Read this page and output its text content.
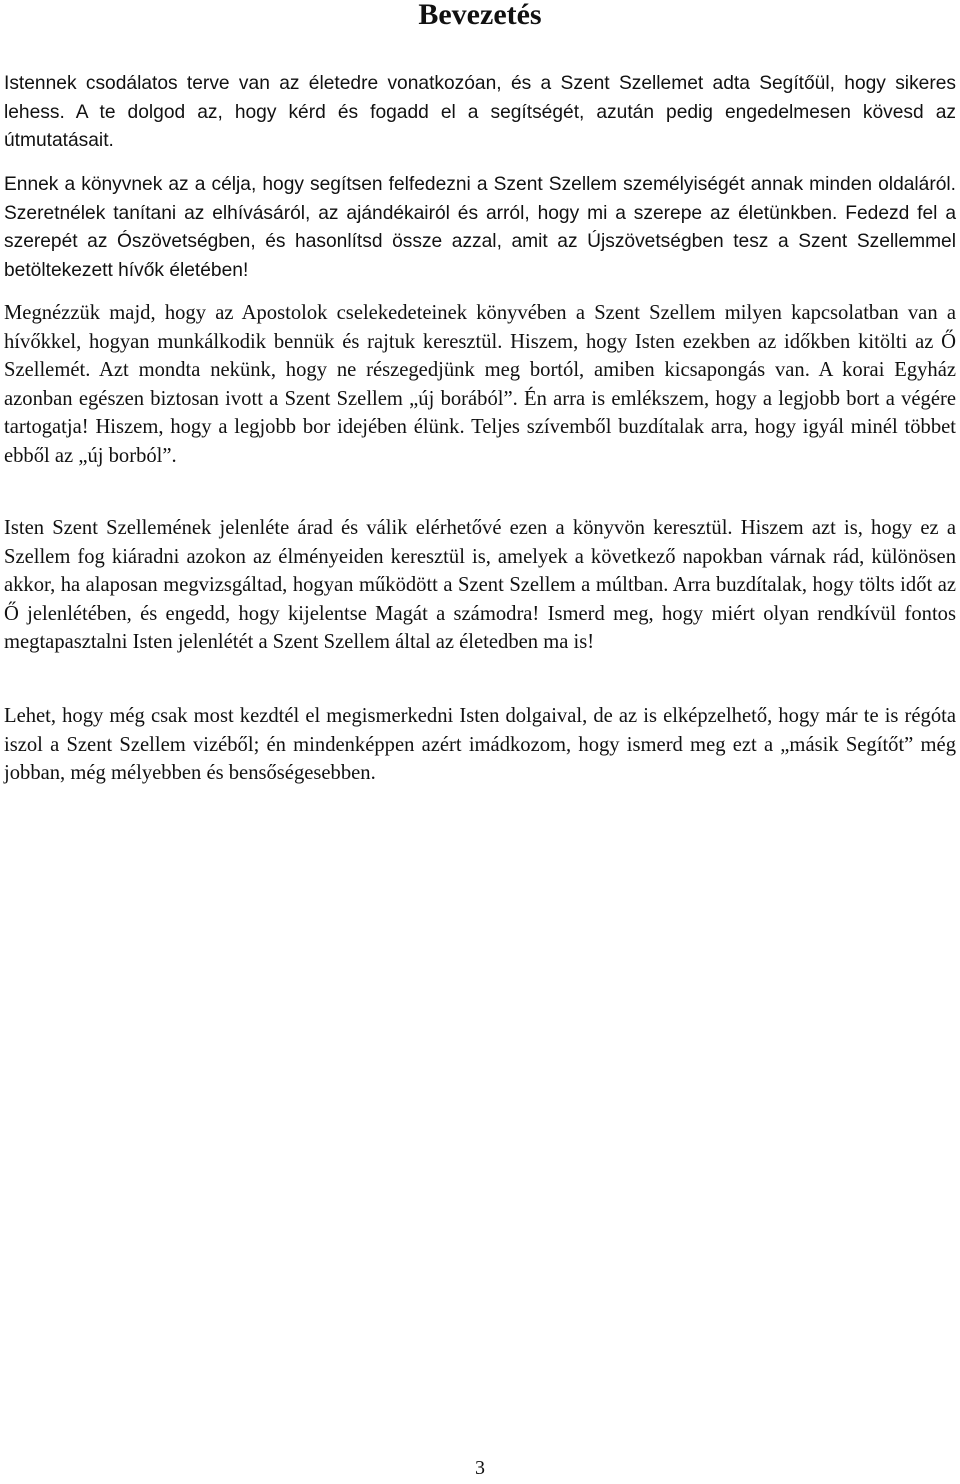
Bevezetés

Istennek csodálatos terve van az életedre vonatkozóan, és a Szent Szellemet adta Segítőül, hogy sikeres lehess. A te dolgod az, hogy kérd és fogadd el a segítségét, azután pedig engedelmesen kövesd az útmutatásait.

Ennek a könyvnek az a célja, hogy segítsen felfedezni a Szent Szellem személyiségét annak minden oldaláról. Szeretnélek tanítani az elhívásáról, az ajándékairól és arról, hogy mi a szerepe az életünkben. Fedezd fel a szerepét az Ószövetségben, és hasonlítsd össze azzal, amit az Újszövetségben tesz a Szent Szellemmel betöltekezett hívők életében!

Megnézzük majd, hogy az Apostolok cselekedeteinek könyvében a Szent Szellem milyen kapcsolatban van a hívőkkel, hogyan munkálkodik bennük és rajtuk keresztül. Hiszem, hogy Isten ezekben az időkben kitölti az Ő Szellemét. Azt mondta nekünk, hogy ne részegedjünk meg bortól, amiben kicsapongás van. A korai Egyház azonban egészen biztosan ivott a Szent Szellem „új borából”. Én arra is emlékszem, hogy a legjobb bort a végére tartogatja! Hiszem, hogy a legjobb bor idejében élünk. Teljes szívemből buzdítalak arra, hogy igyál minél többet ebből az „új borból”.

Isten Szent Szellemének jelenléte árad és válik elérhetővé ezen a könyvön keresztül. Hiszem azt is, hogy ez a Szellem fog kiáradni azokon az élményeiden keresztül is, amelyek a következő napokban várnak rád, különösen akkor, ha alaposan megvizsgáltad, hogyan működött a Szent Szellem a múltban. Arra buzdítalak, hogy tölts időt az Ő jelenlétében, és engedd, hogy kijelentse Magát a számodra! Ismerd meg, hogy miért olyan rendkívül fontos megtapasztalni Isten jelenlétét a Szent Szellem által az életedben ma is!

Lehet, hogy még csak most kezdtél el megismerkedni Isten dolgaival, de az is elképzelhető, hogy már te is régóta iszol a Szent Szellem vizéből; én mindenképpen azért imádkozom, hogy ismerd meg ezt a „másik Segítőt” még jobban, még mélyebben és bensőségesebben.

3
